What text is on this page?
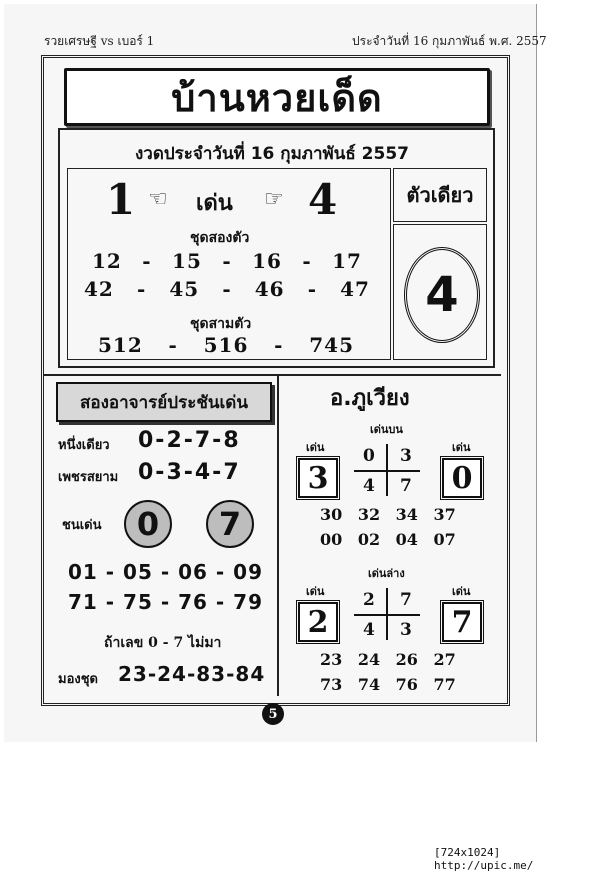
รวยเศรษฐี vs เบอร์ 1	ประจำวันที่ 16 กุมภาพันธ์ พ.ศ. 2557
บ้านหวยเด็ด
งวดประจำวันที่ 16 กุมภาพันธ์ 2557
1 ☜ เด่น ☞ 4
ชุดสองตัว
12 - 15 - 16 - 17
42 - 45 - 46 - 47
ชุดสามตัว
512 - 516 - 745
ตัวเดียว
4
สองอาจารย์ประชันเด่น
หนึ่งเดียว 0-2-7-8
เพชรสยาม 0-3-4-7
ชนเด่น	0	7
01 - 05 - 06 - 09
71 - 75 - 76 - 79
ถ้าเลข 0 - 7 ไม่มา
มองชุด 23-24-83-84
อ.ภูเวียง
เด่นบน
เด่น	เด่น
3	0
0 3
4 7
30 32 34 37
00 02 04 07
เด่นล่าง
เด่น	เด่น
2	7
2 7
4 3
23 24 26 27
73 74 76 77
5
[724x1024] http://upic.me/
